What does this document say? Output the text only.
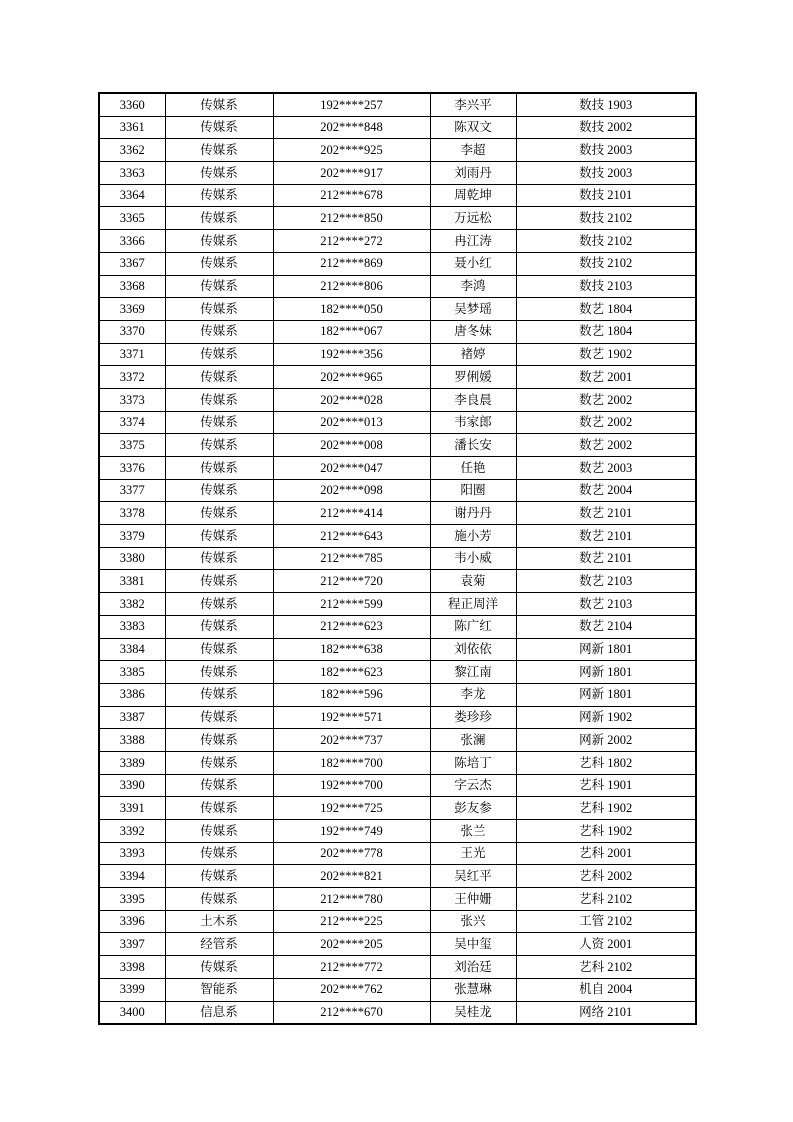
3360	传媒系	192****257	李兴平	数技 1903
3361	传媒系	202****848	陈双文	数技 2002
3362	传媒系	202****925	李超	数技 2003
3363	传媒系	202****917	刘雨丹	数技 2003
3364	传媒系	212****678	周乾坤	数技 2101
3365	传媒系	212****850	万远松	数技 2102
3366	传媒系	212****272	冉江涛	数技 2102
3367	传媒系	212****869	聂小红	数技 2102
3368	传媒系	212****806	李鸿	数技 2103
3369	传媒系	182****050	吴梦瑶	数艺 1804
3370	传媒系	182****067	唐冬妹	数艺 1804
3371	传媒系	192****356	褚婷	数艺 1902
3372	传媒系	202****965	罗俐媛	数艺 2001
3373	传媒系	202****028	李良晨	数艺 2002
3374	传媒系	202****013	韦家郎	数艺 2002
3375	传媒系	202****008	潘长安	数艺 2002
3376	传媒系	202****047	任艳	数艺 2003
3377	传媒系	202****098	阳圈	数艺 2004
3378	传媒系	212****414	谢丹丹	数艺 2101
3379	传媒系	212****643	施小芳	数艺 2101
3380	传媒系	212****785	韦小威	数艺 2101
3381	传媒系	212****720	袁菊	数艺 2103
3382	传媒系	212****599	程正周洋	数艺 2103
3383	传媒系	212****623	陈广红	数艺 2104
3384	传媒系	182****638	刘依依	网新 1801
3385	传媒系	182****623	黎江南	网新 1801
3386	传媒系	182****596	李龙	网新 1801
3387	传媒系	192****571	娄珍珍	网新 1902
3388	传媒系	202****737	张澜	网新 2002
3389	传媒系	182****700	陈培丁	艺科 1802
3390	传媒系	192****700	字云杰	艺科 1901
3391	传媒系	192****725	彭友参	艺科 1902
3392	传媒系	192****749	张兰	艺科 1902
3393	传媒系	202****778	王光	艺科 2001
3394	传媒系	202****821	吴红平	艺科 2002
3395	传媒系	212****780	王仲姗	艺科 2102
3396	土木系	212****225	张兴	工管 2102
3397	经管系	202****205	吴中玺	人资 2001
3398	传媒系	212****772	刘治廷	艺科 2102
3399	智能系	202****762	张慧琳	机自 2004
3400	信息系	212****670	吴桂龙	网络 2101
